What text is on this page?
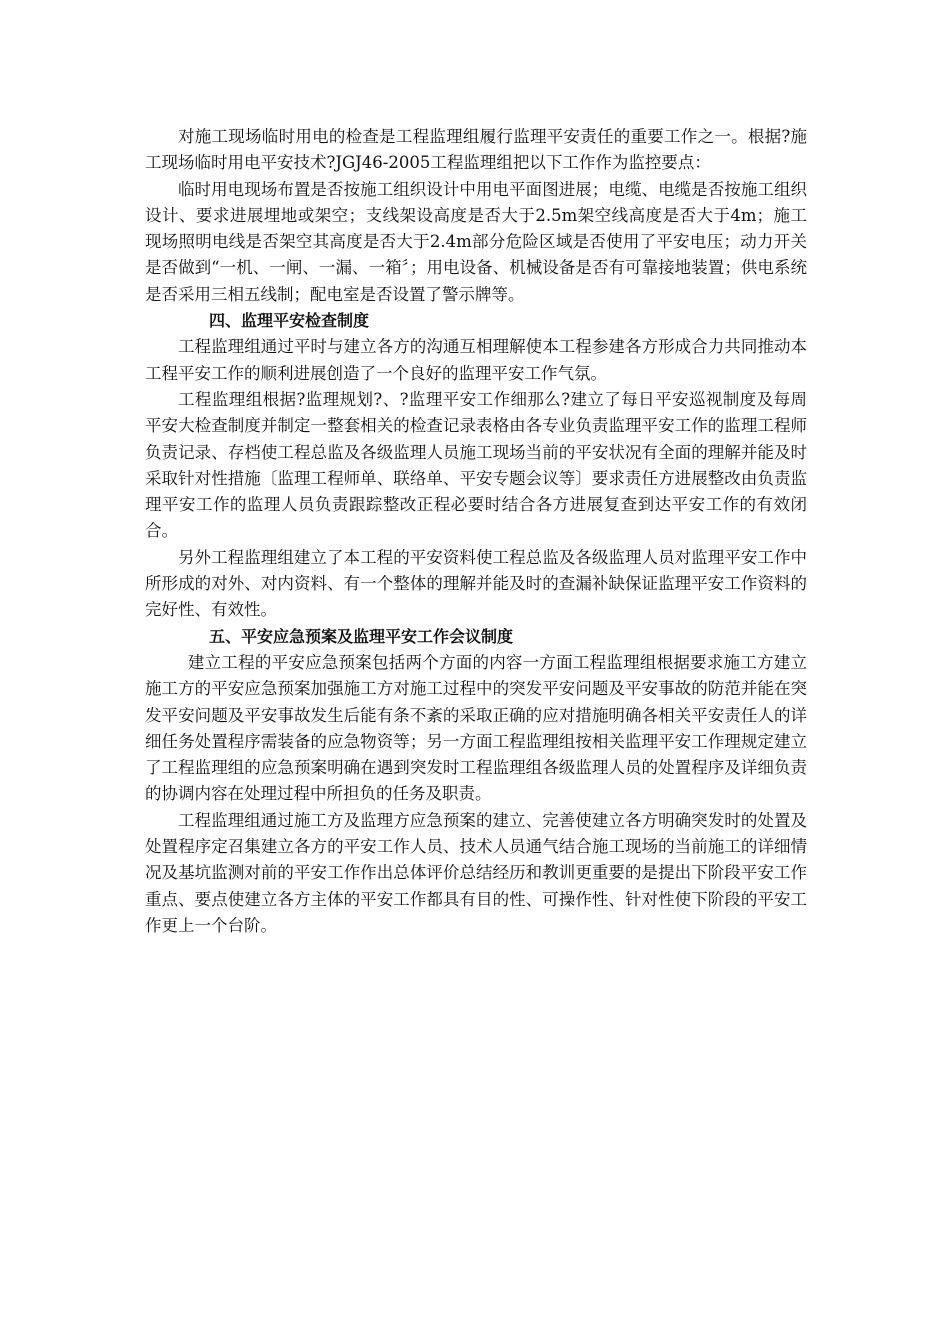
对施工现场临时用电的检查是工程监理组履行监理平安责任的重要工作之一。根据?施工现场临时用电平安技术?JGJ46-2005工程监理组把以下工作作为监控要点：

临时用电现场布置是否按施工组织设计中用电平面图进展；电缆、电缆是否按施工组织设计、要求进展埋地或架空；支线架设高度是否大于2.5m架空线高度是否大于4m；施工现场照明电线是否架空其高度是否大于2.4m部分危险区域是否使用了平安电压；动力开关是否做到“一机、一闸、一漏、一箱〞；用电设备、机械设备是否有可靠接地装置；供电系统是否采用三相五线制；配电室是否设置了警示牌等。

四、监理平安检查制度

工程监理组通过平时与建立各方的沟通互相理解使本工程参建各方形成合力共同推动本工程平安工作的顺利进展创造了一个良好的监理平安工作气氛。

工程监理组根据?监理规划?、?监理平安工作细那么?建立了每日平安巡视制度及每周平安大检查制度并制定一整套相关的检查记录表格由各专业负责监理平安工作的监理工程师负责记录、存档使工程总监及各级监理人员施工现场当前的平安状况有全面的理解并能及时采取针对性措施〔监理工程师单、联络单、平安专题会议等〕要求责任方进展整改由负责监理平安工作的监理人员负责跟踪整改正程必要时结合各方进展复查到达平安工作的有效闭合。

另外工程监理组建立了本工程的平安资料使工程总监及各级监理人员对监理平安工作中所形成的对外、对内资料、有一个整体的理解并能及时的查漏补缺保证监理平安工作资料的完好性、有效性。

五、平安应急预案及监理平安工作会议制度

建立工程的平安应急预案包括两个方面的内容一方面工程监理组根据要求施工方建立施工方的平安应急预案加强施工方对施工过程中的突发平安问题及平安事故的防范并能在突发平安问题及平安事故发生后能有条不紊的采取正确的应对措施明确各相关平安责任人的详细任务处置程序需装备的应急物资等；另一方面工程监理组按相关监理平安工作理规定建立了工程监理组的应急预案明确在遇到突发时工程监理组各级监理人员的处置程序及详细负责的协调内容在处理过程中所担负的任务及职责。

工程监理组通过施工方及监理方应急预案的建立、完善使建立各方明确突发时的处置及处置程序定召集建立各方的平安工作人员、技术人员通气结合施工现场的当前施工的详细情况及基坑监测对前的平安工作作出总体评价总结经历和教训更重要的是提出下阶段平安工作重点、要点使建立各方主体的平安工作都具有目的性、可操作性、针对性使下阶段的平安工作更上一个台阶。
